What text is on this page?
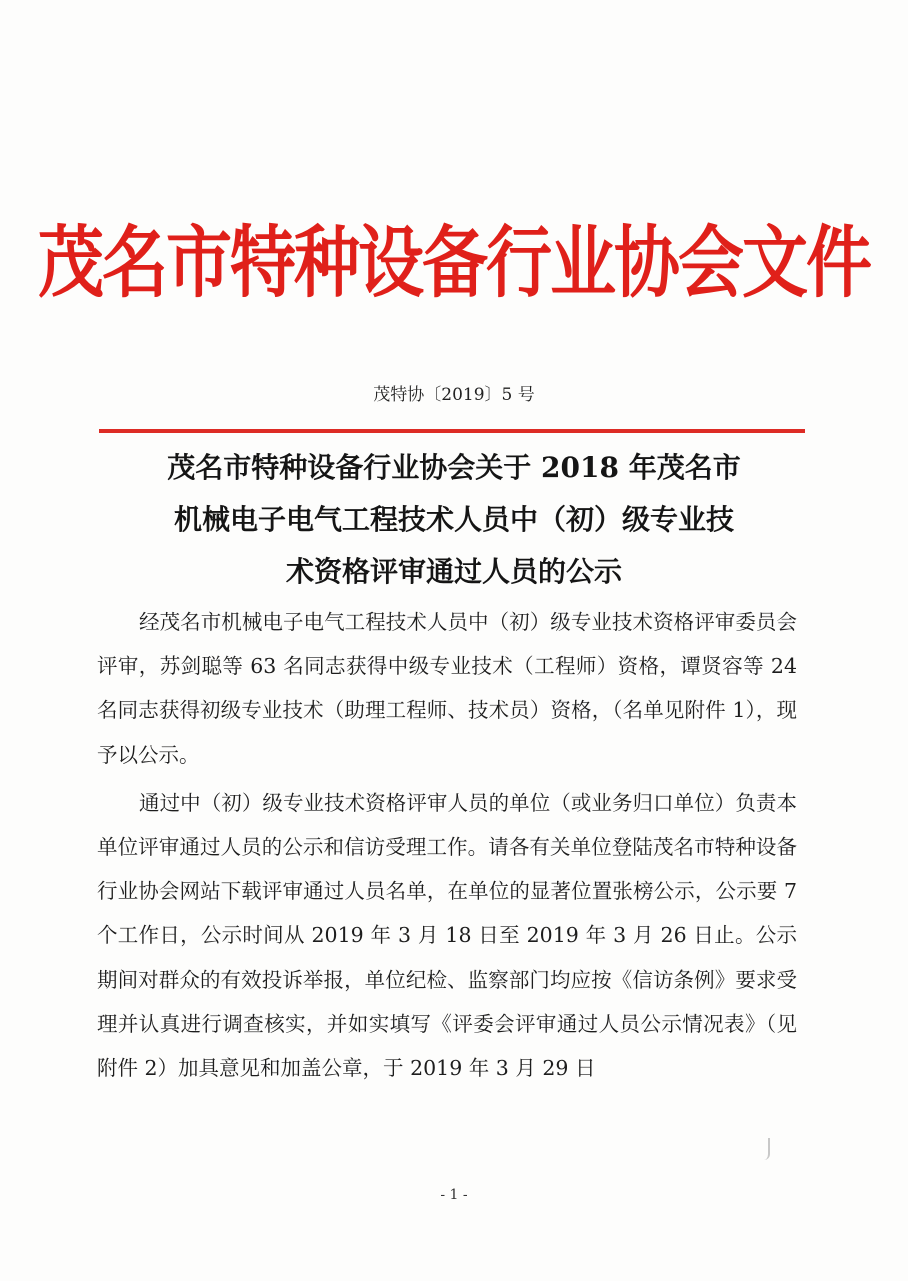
茂名市特种设备行业协会文件
茂特协〔2019〕5 号
茂名市特种设备行业协会关于 2018 年茂名市
机械电子电气工程技术人员中（初）级专业技
术资格评审通过人员的公示

经茂名市机械电子电气工程技术人员中（初）级专业技术资格评审委员会评审，苏剑聪等 63 名同志获得中级专业技术（工程师）资格，谭贤容等 24 名同志获得初级专业技术（助理工程师、技术员）资格，（名单见附件 1），现予以公示。

通过中（初）级专业技术资格评审人员的单位（或业务归口单位）负责本单位评审通过人员的公示和信访受理工作。请各有关单位登陆茂名市特种设备行业协会网站下载评审通过人员名单，在单位的显著位置张榜公示，公示要 7 个工作日，公示时间从 2019 年 3 月 18 日至 2019 年 3 月 26 日止。公示期间对群众的有效投诉举报，单位纪检、监察部门均应按《信访条例》要求受理并认真进行调查核实，并如实填写《评委会评审通过人员公示情况表》（见附件 2）加具意见和加盖公章，于 2019 年 3 月 29 日

- 1 -
